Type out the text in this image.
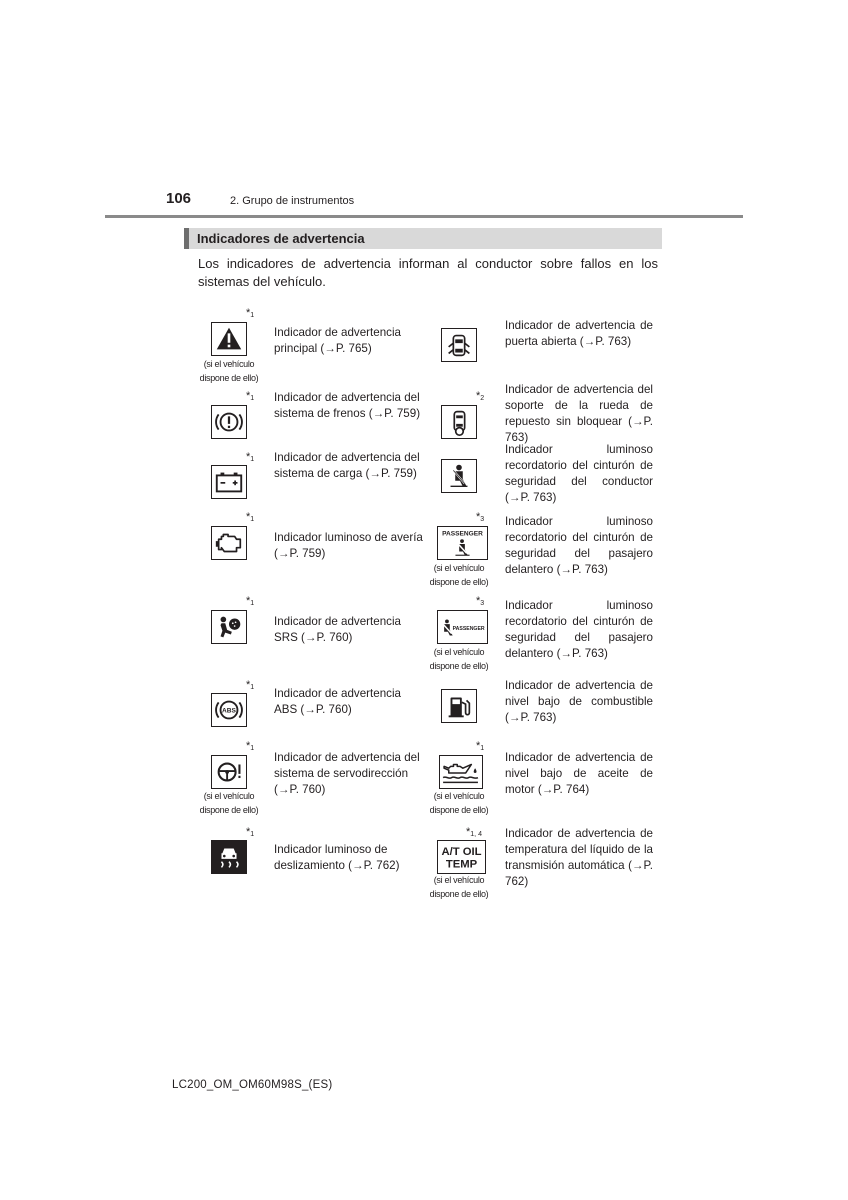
106	2. Grupo de instrumentos
Indicadores de advertencia
Los indicadores de advertencia informan al conductor sobre fallos en los sistemas del vehículo.
$*_1$
(si el vehículo dispone de ello)
Indicador de advertencia principal (→P. 765)
$*_1$ Indicador de advertencia del sistema de frenos (→P. 759)
$*_1$ Indicador de advertencia del sistema de carga (→P. 759)
$*_1$
Indicador luminoso de avería (→P. 759)
$*_1$
Indicador de advertencia SRS (→P. 760)
$*_1$
ABS
Indicador de advertencia ABS (→P. 760)
$*_1$
(si el vehículo dispone de ello)
Indicador de advertencia del sistema de servodirección (→P. 760)
$*_1$
Indicador luminoso de deslizamiento (→P. 762)
Indicador de advertencia de puerta abierta (→P. 763)
$*_2$
Indicador de advertencia del soporte de la rueda de repuesto sin bloquear (→P. 763)
Indicador luminoso recordatorio del cinturón de seguridad del conductor (→P. 763)
$*_3$
PASSENGER
(si el vehículo dispone de ello)
Indicador luminoso recordatorio del cinturón de seguridad del pasajero delantero (→P. 763)
$*_3$
PASSENGER
(si el vehículo dispone de ello)
Indicador luminoso recordatorio del cinturón de seguridad del pasajero delantero (→P. 763)
Indicador de advertencia de nivel bajo de combustible (→P. 763)
$*_1$
(si el vehículo dispone de ello)
Indicador de advertencia de nivel bajo de aceite de motor (→P. 764)
$*_{1, 4}$
A/T OIL
TEMP
(si el vehículo dispone de ello)
Indicador de advertencia de temperatura del líquido de la transmisión automática (→P. 762)
LC200_OM_OM60M98S_(ES)
